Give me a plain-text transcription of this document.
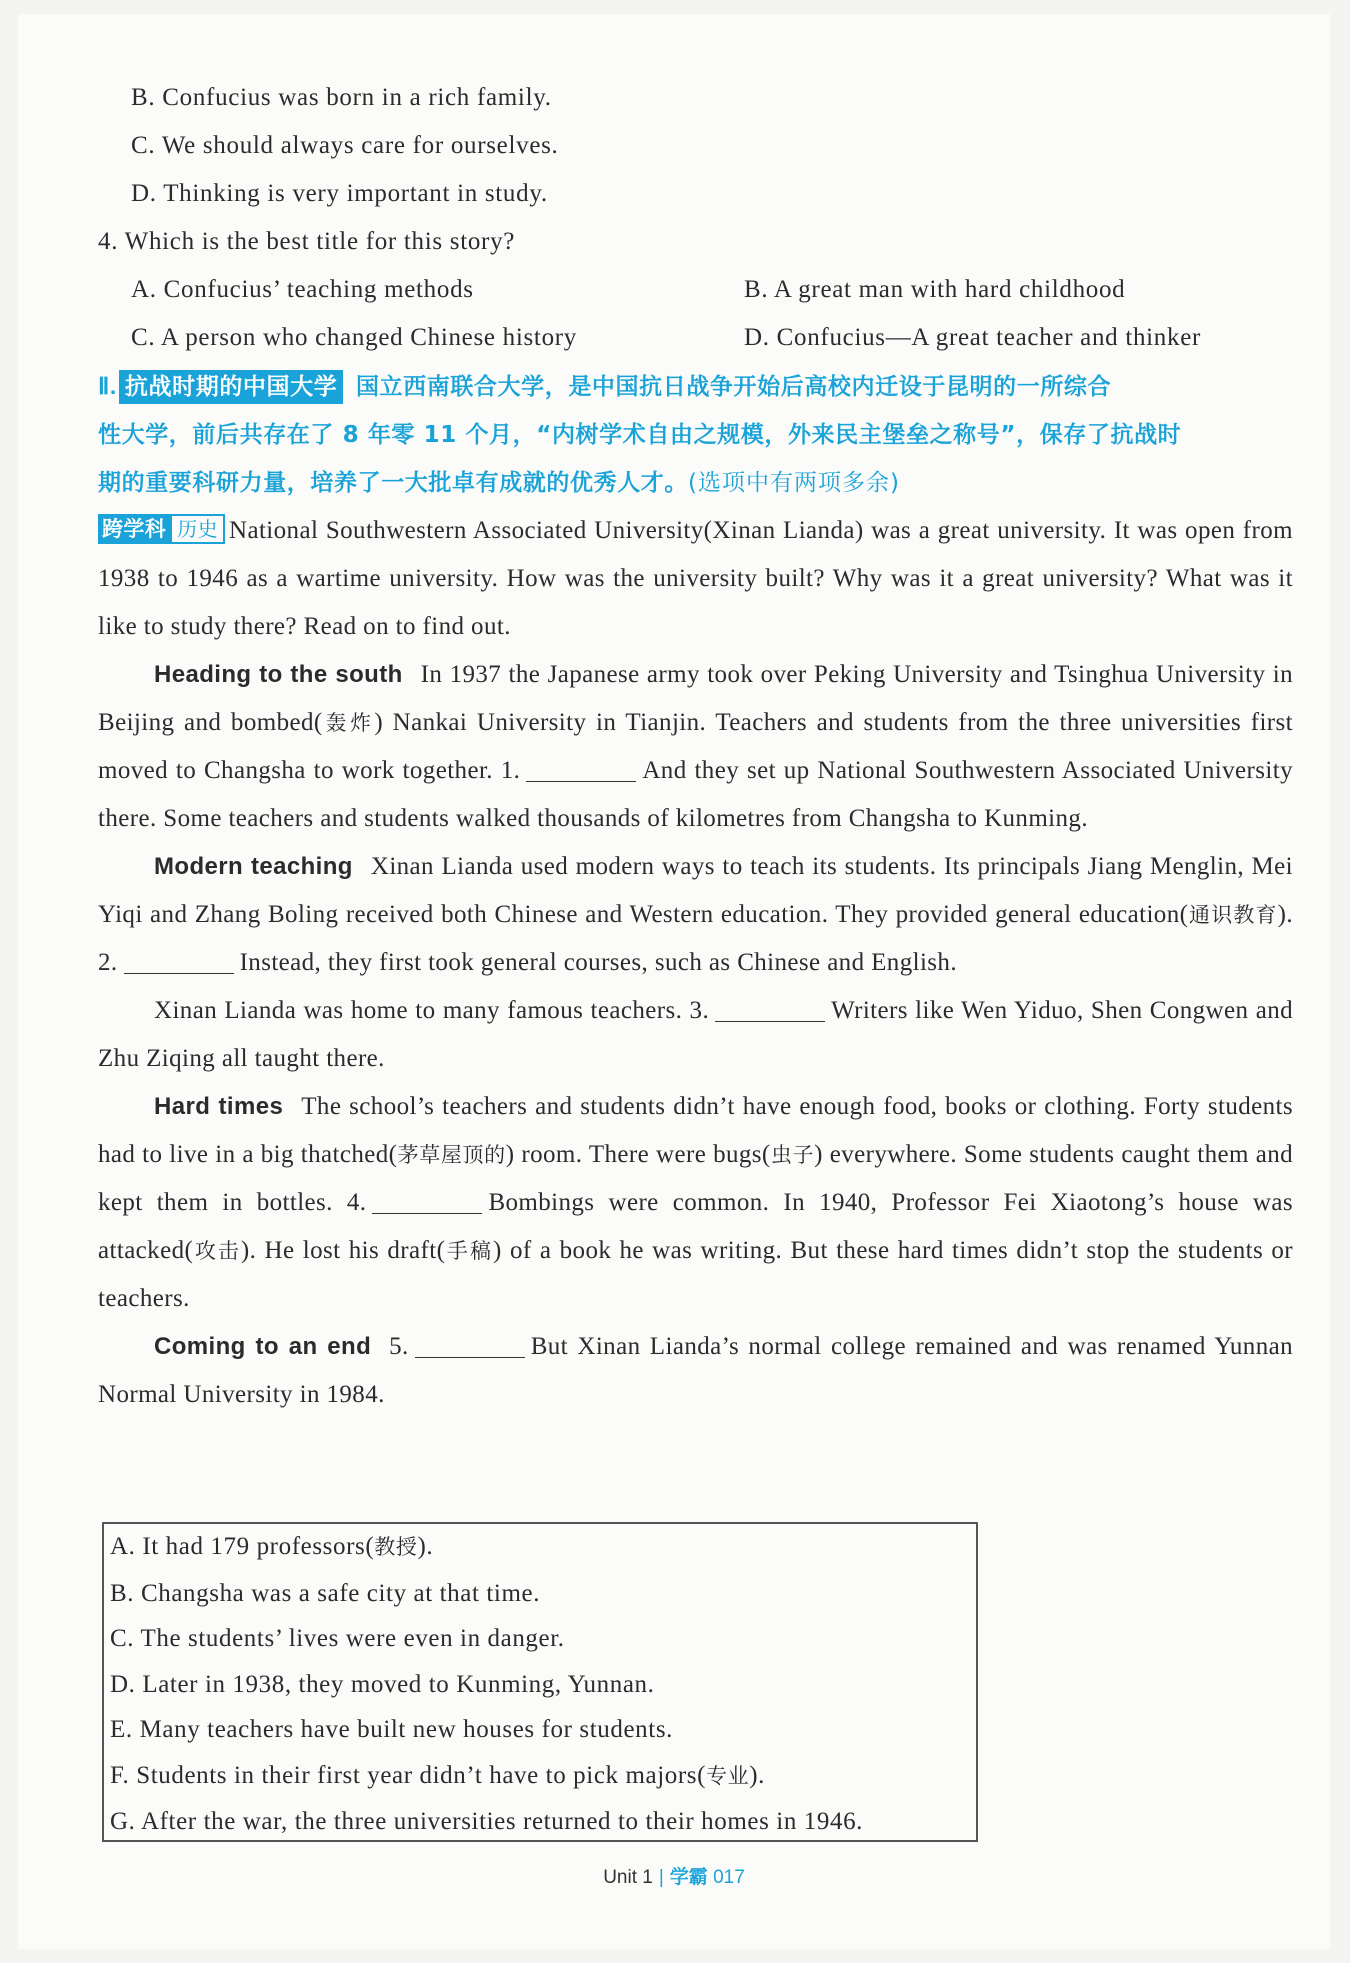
B. Confucius was born in a rich family.
C. We should always care for ourselves.
D. Thinking is very important in study.
4. Which is the best title for this story?
A. Confucius’ teaching methods	B. A great man with hard childhood
C. A person who changed Chinese history	D. Confucius—A great teacher and thinker
Ⅱ. 抗战时期的中国大学 国立西南联合大学，是中国抗日战争开始后高校内迁设于昆明的一所综合
性大学，前后共存在了 8 年零 11 个月，“内树学术自由之规模，外来民主堡垒之称号”，保存了抗战时
期的重要科研力量，培养了一大批卓有成就的优秀人才。(选项中有两项多余)

跨学科 历史 National Southwestern Associated University(Xinan Lianda) was a great university. It was open from 1938 to 1946 as a wartime university. How was the university built? Why was it a great university? What was it like to study there? Read on to find out.

Heading to the south In 1937 the Japanese army took over Peking University and Tsinghua University in Beijing and bombed(轰炸) Nankai University in Tianjin. Teachers and students from the three universities first moved to Changsha to work together. 1.	And they set up National Southwestern Associated University there. Some teachers and students walked thousands of kilometres from Changsha to Kunming.

Modern teaching Xinan Lianda used modern ways to teach its students. Its principals Jiang Menglin, Mei Yiqi and Zhang Boling received both Chinese and Western education. They provided general education(通识教育). 2.	Instead, they first took general courses, such as Chinese and English.

Xinan Lianda was home to many famous teachers. 3.	Writers like Wen Yiduo, Shen Congwen and Zhu Ziqing all taught there.

Hard times The school’s teachers and students didn’t have enough food, books or clothing. Forty students had to live in a big thatched(茅草屋顶的) room. There were bugs(虫子) everywhere. Some students caught them and kept them in bottles. 4.	Bombings were common. In 1940, Professor Fei Xiaotong’s house was attacked(攻击). He lost his draft(手稿) of a book he was writing. But these hard times didn’t stop the students or teachers.

Coming to an end 5.	But Xinan Lianda’s normal college remained and was renamed Yunnan Normal University in 1984.

A. It had 179 professors(教授).
B. Changsha was a safe city at that time.
C. The students’ lives were even in danger.
D. Later in 1938, they moved to Kunming, Yunnan.
E. Many teachers have built new houses for students.
F. Students in their first year didn’t have to pick majors(专业).
G. After the war, the three universities returned to their homes in 1946.
Unit 1 | 学霸 017
